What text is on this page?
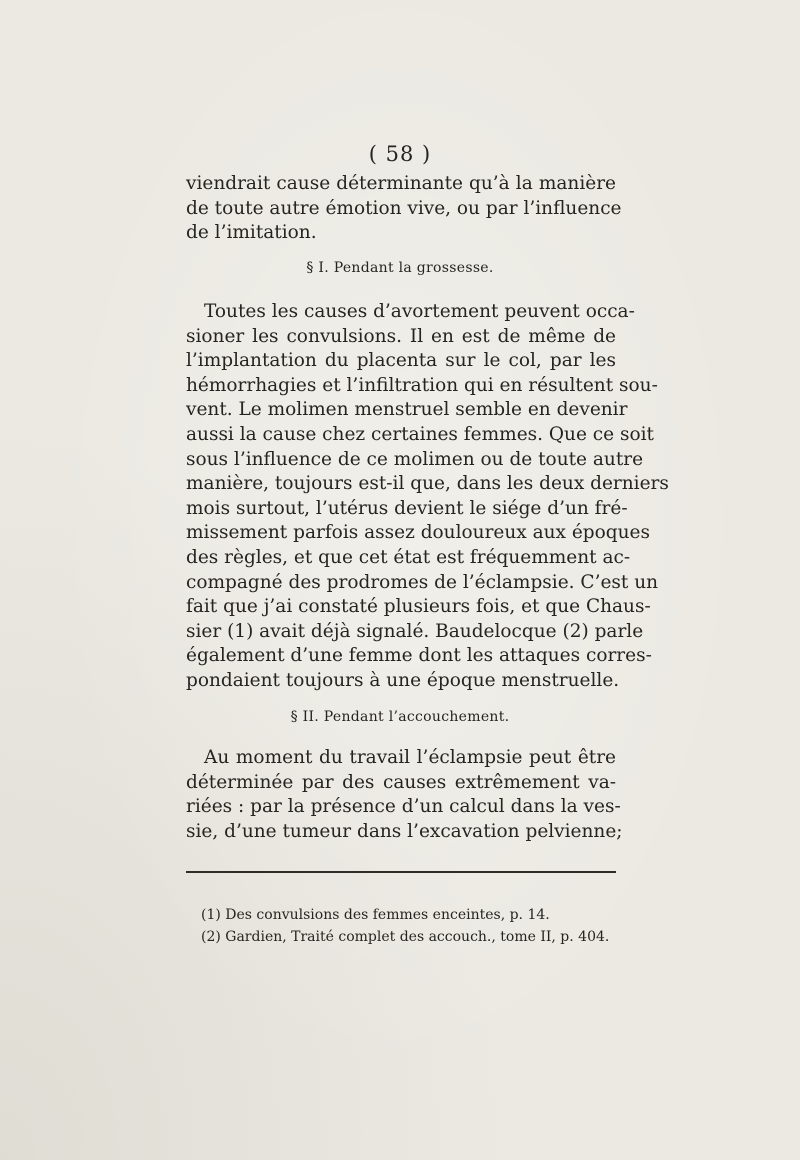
( 58 )
viendrait cause déterminante qu’à la manière
de toute autre émotion vive, ou par l’influence
de l’imitation.
§ I. Pendant la grossesse.
Toutes les causes d’avortement peuvent occa-
sioner les convulsions. Il en est de même de
l’implantation du placenta sur le col, par les
hémorrhagies et l’infiltration qui en résultent sou-
vent. Le molimen menstruel semble en devenir
aussi la cause chez certaines femmes. Que ce soit
sous l’influence de ce molimen ou de toute autre
manière, toujours est-il que, dans les deux derniers
mois surtout, l’utérus devient le siége d’un fré-
missement parfois assez douloureux aux époques
des règles, et que cet état est fréquemment ac-
compagné des prodromes de l’éclampsie. C’est un
fait que j’ai constaté plusieurs fois, et que Chaus-
sier (1) avait déjà signalé. Baudelocque (2) parle
également d’une femme dont les attaques corres-
pondaient toujours à une époque menstruelle.
§ II. Pendant l’accouchement.
Au moment du travail l’éclampsie peut être
déterminée par des causes extrêmement va-
riées : par la présence d’un calcul dans la ves-
sie, d’une tumeur dans l’excavation pelvienne;
(1) Des convulsions des femmes enceintes, p. 14.
(2) Gardien, Traité complet des accouch., tome II, p. 404.
